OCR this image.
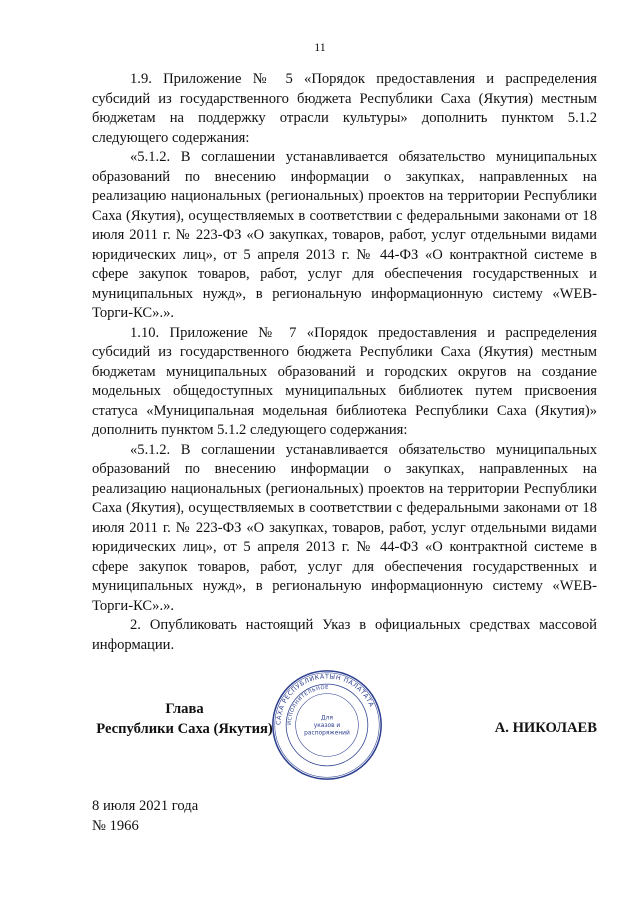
11

1.9. Приложение № 5 «Порядок предоставления и распределения субсидий из государственного бюджета Республики Саха (Якутия) местным бюджетам на поддержку отрасли культуры» дополнить пунктом 5.1.2 следующего содержания:

«5.1.2. В соглашении устанавливается обязательство муниципальных образований по внесению информации о закупках, направленных на реализацию национальных (региональных) проектов на территории Республики Саха (Якутия), осуществляемых в соответствии с федеральными законами от 18 июля 2011 г. № 223-ФЗ «О закупках, товаров, работ, услуг отдельными видами юридических лиц», от 5 апреля 2013 г. № 44-ФЗ «О контрактной системе в сфере закупок товаров, работ, услуг для обеспечения государственных и муниципальных нужд», в региональную информационную систему «WEB-Торги-КС».».

1.10. Приложение № 7 «Порядок предоставления и распределения субсидий из государственного бюджета Республики Саха (Якутия) местным бюджетам муниципальных образований и городских округов на создание модельных общедоступных муниципальных библиотек путем присвоения статуса «Муниципальная модельная библиотека Республики Саха (Якутия)» дополнить пунктом 5.1.2 следующего содержания:

«5.1.2. В соглашении устанавливается обязательство муниципальных образований по внесению информации о закупках, направленных на реализацию национальных (региональных) проектов на территории Республики Саха (Якутия), осуществляемых в соответствии с федеральными законами от 18 июля 2011 г. № 223-ФЗ «О закупках, товаров, работ, услуг отдельными видами юридических лиц», от 5 апреля 2013 г. № 44-ФЗ «О контрактной системе в сфере закупок товаров, работ, услуг для обеспечения государственных и муниципальных нужд», в региональную информационную систему «WEB-Торги-КС».».

2. Опубликовать настоящий Указ в официальных средствах массовой информации.

Глава
Республики Саха (Якутия)	А. НИКОЛАЕВ
САХА РЕСПУБЛИКАТЫН ПАЛАТАТА
ИСПОЛНИТЕЛЬНОЕ
Для
указов и
распоряжений
8 июля 2021 года
№ 1966
